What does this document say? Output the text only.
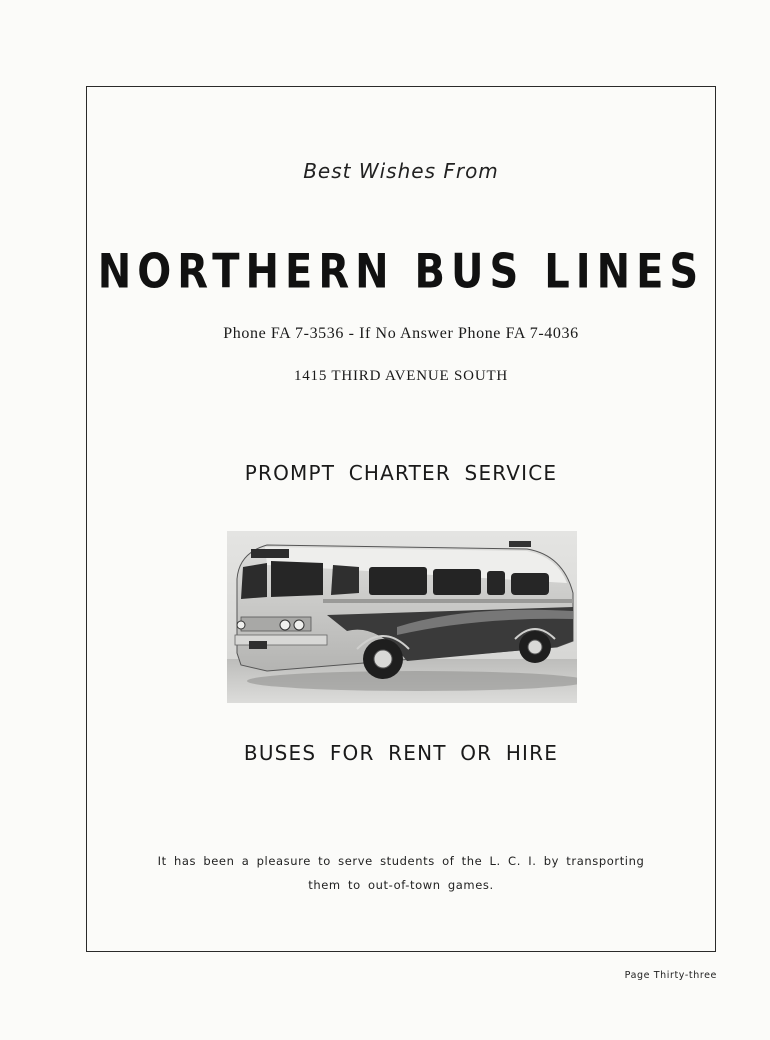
Best Wishes From
NORTHERN BUS LINES
Phone FA 7-3536 - If No Answer Phone FA 7-4036
1415 THIRD AVENUE SOUTH
PROMPT CHARTER SERVICE
BUSES FOR RENT OR HIRE
It has been a pleasure to serve students of the L. C. I. by transporting
them to out-of-town games.
Page Thirty-three
